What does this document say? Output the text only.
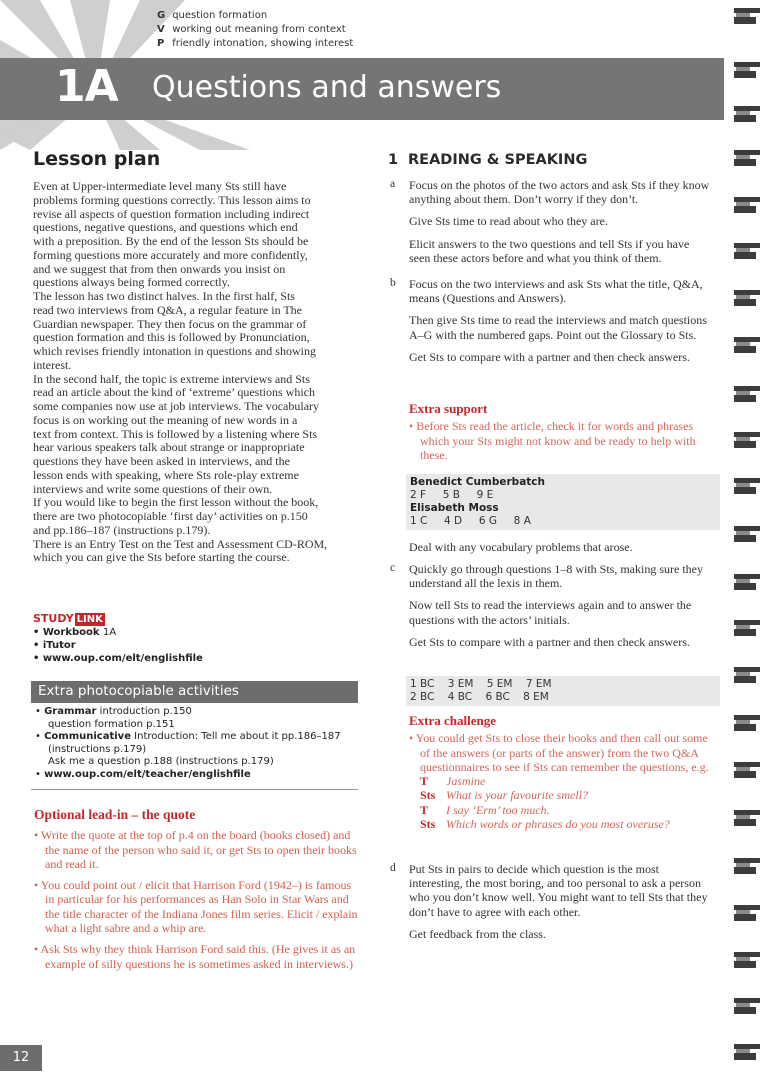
G question formation
V working out meaning from context
P friendly intonation, showing interest
1A Questions and answers
Lesson plan

Even at Upper-intermediate level many Sts still have

problems forming questions correctly. This lesson aims to

revise all aspects of question formation including indirect

questions, negative questions, and questions which end

with a preposition. By the end of the lesson Sts should be

forming questions more accurately and more confidently,

and we suggest that from then onwards you insist on

questions always being formed correctly.

The lesson has two distinct halves. In the first half, Sts

read two interviews from Q&A, a regular feature in The

Guardian newspaper. They then focus on the grammar of

question formation and this is followed by Pronunciation,

which revises friendly intonation in questions and showing

interest.

In the second half, the topic is extreme interviews and Sts

read an article about the kind of ‘extreme’ questions which

some companies now use at job interviews. The vocabulary

focus is on working out the meaning of new words in a

text from context. This is followed by a listening where Sts

hear various speakers talk about strange or inappropriate

questions they have been asked in interviews, and the

lesson ends with speaking, where Sts role-play extreme

interviews and write some questions of their own.

If you would like to begin the first lesson without the book,

there are two photocopiable ‘first day’ activities on p.150

and pp.186–187 (instructions p.179).

There is an Entry Test on the Test and Assessment CD-ROM,

which you can give the Sts before starting the course.

STUDY LINK
• Workbook 1A
• iTutor
• www.oup.com/elt/englishfile
Extra photocopiable activities
• Grammar introduction p.150
question formation p.151
• Communicative Introduction: Tell me about it pp.186–187
(instructions p.179)
Ask me a question p.188 (instructions p.179)
• www.oup.com/elt/teacher/englishfile
Optional lead-in – the quote

• Write the quote at the top of p.4 on the board (books closed) and the name of the person who said it, or get Sts to open their books and read it.

• You could point out / elicit that Harrison Ford (1942–) is famous in particular for his performances as Han Solo in Star Wars and the title character of the Indiana Jones film series. Elicit / explain what a light sabre and a whip are.

• Ask Sts why they think Harrison Ford said this. (He gives it as an example of silly questions he is sometimes asked in interviews.)

1 READING & SPEAKING
a Focus on the photos of the two actors and ask Sts if they know anything about them. Don’t worry if they don’t.

Give Sts time to read about who they are.

Elicit answers to the two questions and tell Sts if you have seen these actors before and what you think of them.

b Focus on the two interviews and ask Sts what the title, Q&A, means (Questions and Answers).

Then give Sts time to read the interviews and match questions A–G with the numbered gaps. Point out the Glossary to Sts.

Get Sts to compare with a partner and then check answers.

Extra support

• Before Sts read the article, check it for words and phrases which your Sts might not know and be ready to help with these.

Benedict Cumberbatch
2 F     5 B     9 E
Elisabeth Moss
1 C     4 D     6 G     8 A
Deal with any vocabulary problems that arose.
c Quickly go through questions 1–8 with Sts, making sure they understand all the lexis in them.

Now tell Sts to read the interviews again and to answer the questions with the actors’ initials.

Get Sts to compare with a partner and then check answers.

1 BC    3 EM    5 EM    7 EM
2 BC    4 BC    6 BC    8 EM
Extra challenge

• You could get Sts to close their books and then call out some of the answers (or parts of the answer) from the two Q&A questionnaires to see if Sts can remember the questions, e.g.

T Jasmine
Sts What is your favourite smell?
T I say ‘Erm’ too much.
Sts Which words or phrases do you most overuse?
d Put Sts in pairs to decide which question is the most interesting, the most boring, and too personal to ask a person who you don’t know well. You might want to tell Sts that they don’t have to agree with each other.

Get feedback from the class.

12
